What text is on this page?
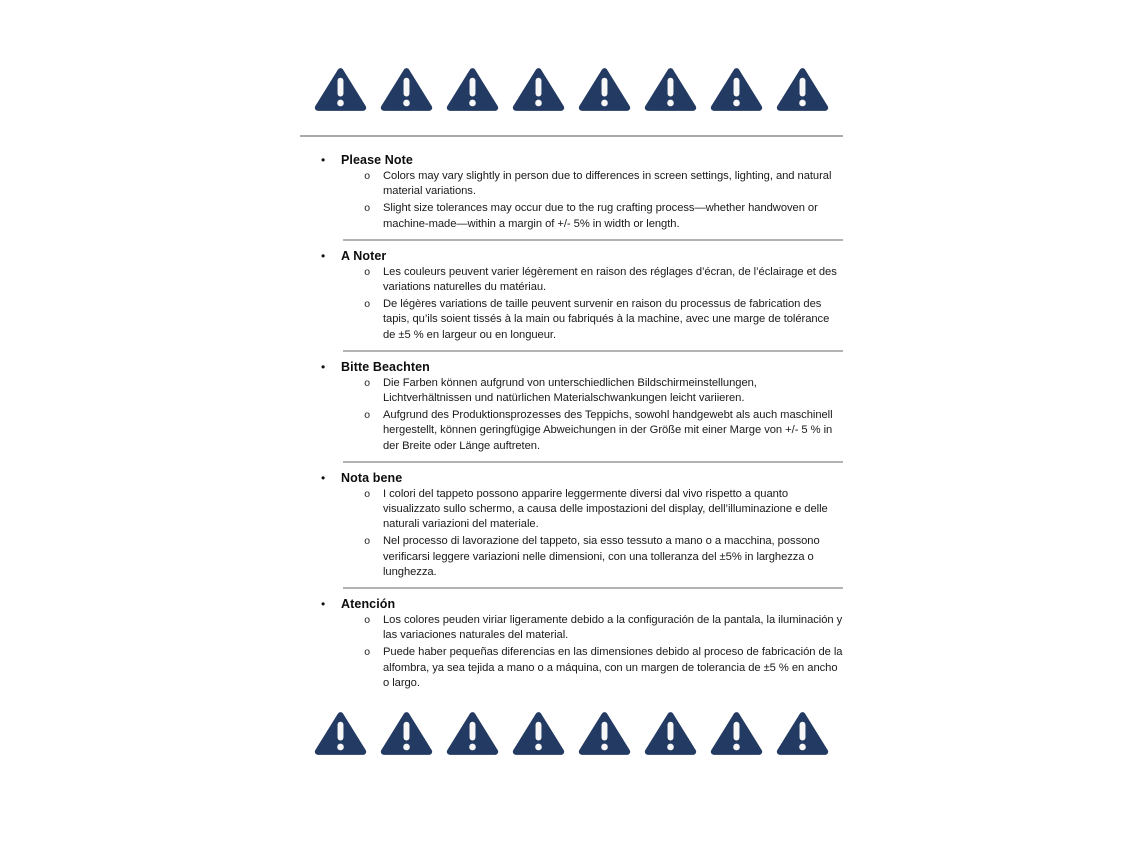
•	Please Note
o Colors may vary slightly in person due to differences in screen settings, lighting, and natural material variations.
o Slight size tolerances may occur due to the rug crafting process—whether handwoven or machine-made—within a margin of +/- 5% in width or length.
•	A Noter
o Les couleurs peuvent varier légèrement en raison des réglages d’écran, de l’éclairage et des variations naturelles du matériau.
o De légères variations de taille peuvent survenir en raison du processus de fabrication des tapis, qu’ils soient tissés à la main ou fabriqués à la machine, avec une marge de tolérance de ±5 % en largeur ou en longueur.
•	Bitte Beachten
o Die Farben können aufgrund von unterschiedlichen Bildschirmeinstellungen, Lichtverhältnissen und natürlichen Materialschwankungen leicht variieren.
o Aufgrund des Produktionsprozesses des Teppichs, sowohl handgewebt als auch maschinell hergestellt, können geringfügige Abweichungen in der Größe mit einer Marge von +/- 5 % in der Breite oder Länge auftreten.
•	Nota bene
o I colori del tappeto possono apparire leggermente diversi dal vivo rispetto a quanto visualizzato sullo schermo, a causa delle impostazioni del display, dell’illuminazione e delle naturali variazioni del materiale.
o Nel processo di lavorazione del tappeto, sia esso tessuto a mano o a macchina, possono verificarsi leggere variazioni nelle dimensioni, con una tolleranza del ±5% in larghezza o lunghezza.
•	Atención
o Los colores peuden viriar ligeramente debido a la configuración de la pantala, la iluminación y las variaciones naturales del material.
o Puede haber pequeñas diferencias en las dimensiones debido al proceso de fabricación de la alfombra, ya sea tejida a mano o a máquina, con un margen de tolerancia de ±5 % en ancho o largo.
